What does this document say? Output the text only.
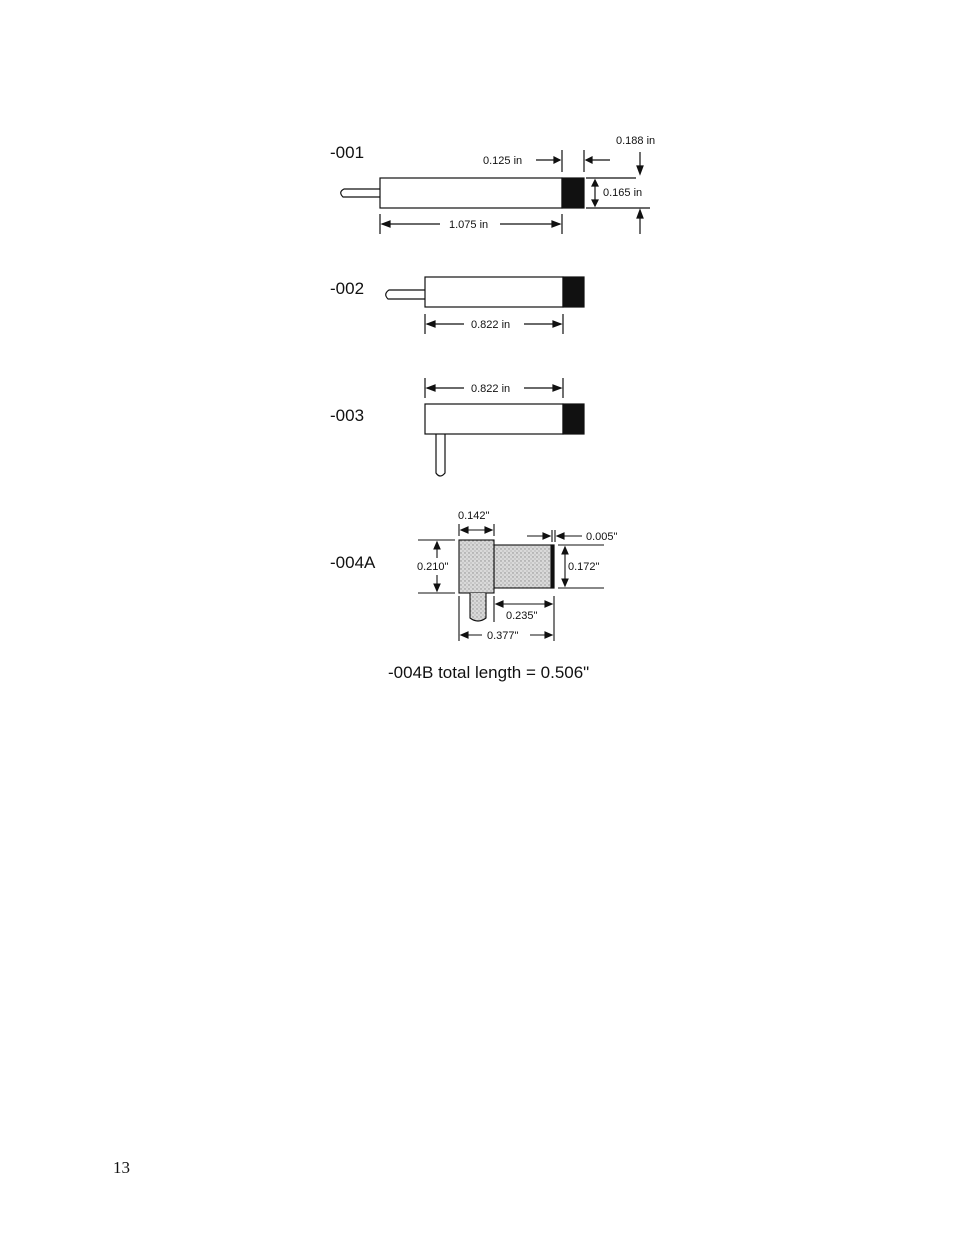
-001	0.125 in
0.188 in
0.165 in
1.075 in
-002
0.822 in
-003
0.822 in
-004A
0.142"
0.005"
0.210"	0.172"
0.235"
0.377"
-004B total length = 0.506"
13
